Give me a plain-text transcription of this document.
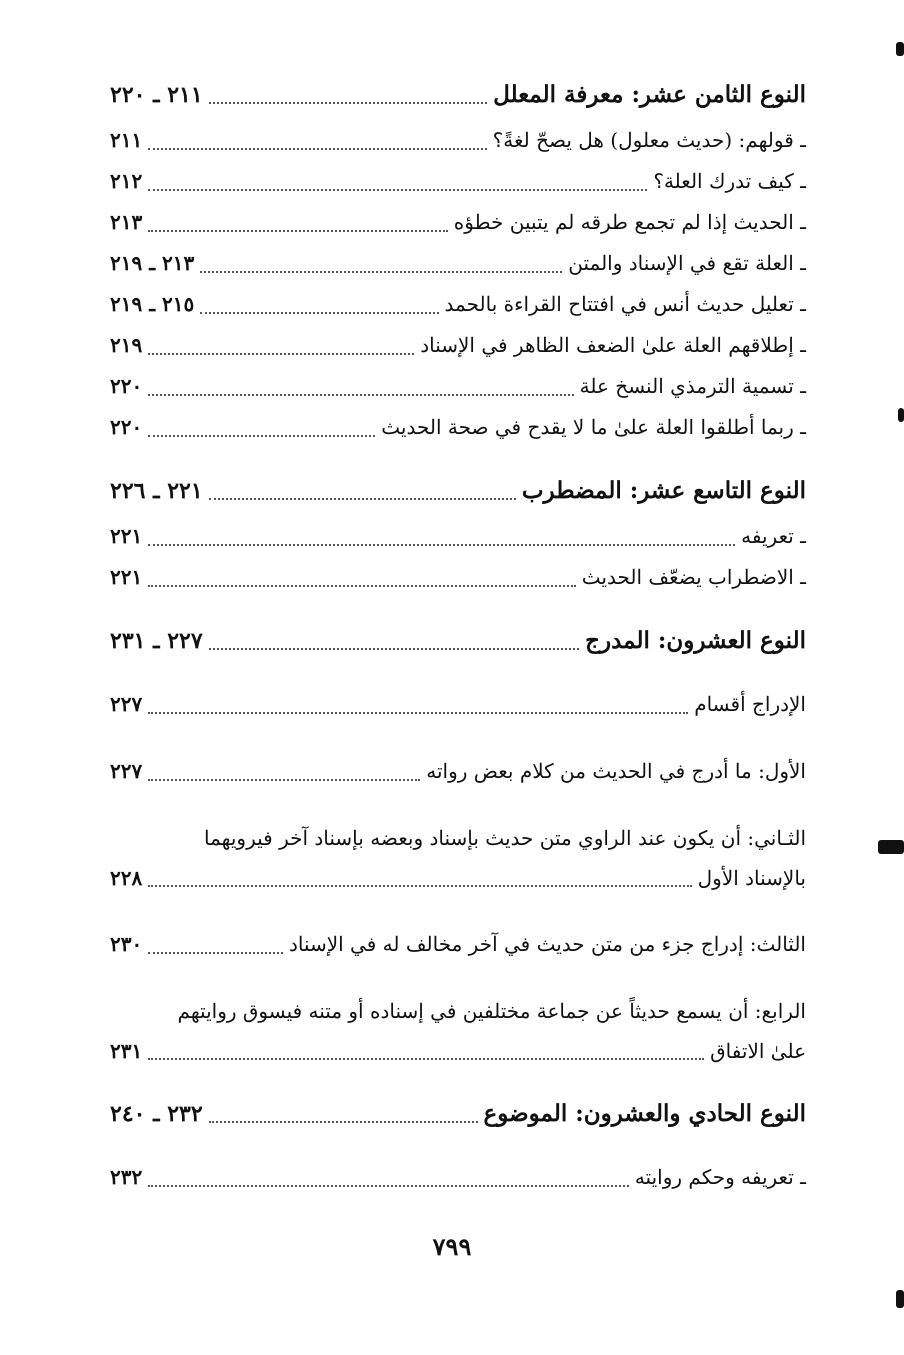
النوع الثامن عشر: معرفة المعلل
٢١١ ـ ٢٢٠
ـ قولهم: (حديث معلول) هل يصحّ لغةً؟
٢١١
ـ كيف تدرك العلة؟
٢١٢
ـ الحديث إذا لم تجمع طرقه لم يتبين خطؤه
٢١٣
ـ العلة تقع في الإسناد والمتن
٢١٣ ـ ٢١٩
ـ تعليل حديث أنس في افتتاح القراءة بالحمد
٢١٥ ـ ٢١٩
ـ إطلاقهم العلة علىٰ الضعف الظاهر في الإسناد
٢١٩
ـ تسمية الترمذي النسخ علة
٢٢٠
ـ ربما أطلقوا العلة علىٰ ما لا يقدح في صحة الحديث
٢٢٠
النوع التاسع عشر: المضطرب
٢٢١ ـ ٢٢٦
ـ تعريفه
٢٢١
ـ الاضطراب يضعّف الحديث
٢٢١
النوع العشرون: المدرج
٢٢٧ ـ ٢٣١
الإدراج أقسام
٢٢٧
الأول: ما أدرج في الحديث من كلام بعض رواته
٢٢٧
الثـاني: أن يكون عند الراوي متن حديث بإسناد وبعضه بإسناد آخر فيرويهما
بالإسناد الأول
٢٢٨
الثالث: إدراج جزء من متن حديث في آخر مخالف له في الإسناد
٢٣٠
الرابع: أن يسمع حديثاً عن جماعة مختلفين في إسناده أو متنه فيسوق روايتهم
علىٰ الاتفاق
٢٣١
النوع الحادي والعشرون: الموضوع
٢٣٢ ـ ٢٤٠
ـ تعريفه وحكم روايته
٢٣٢
٧٩٩
